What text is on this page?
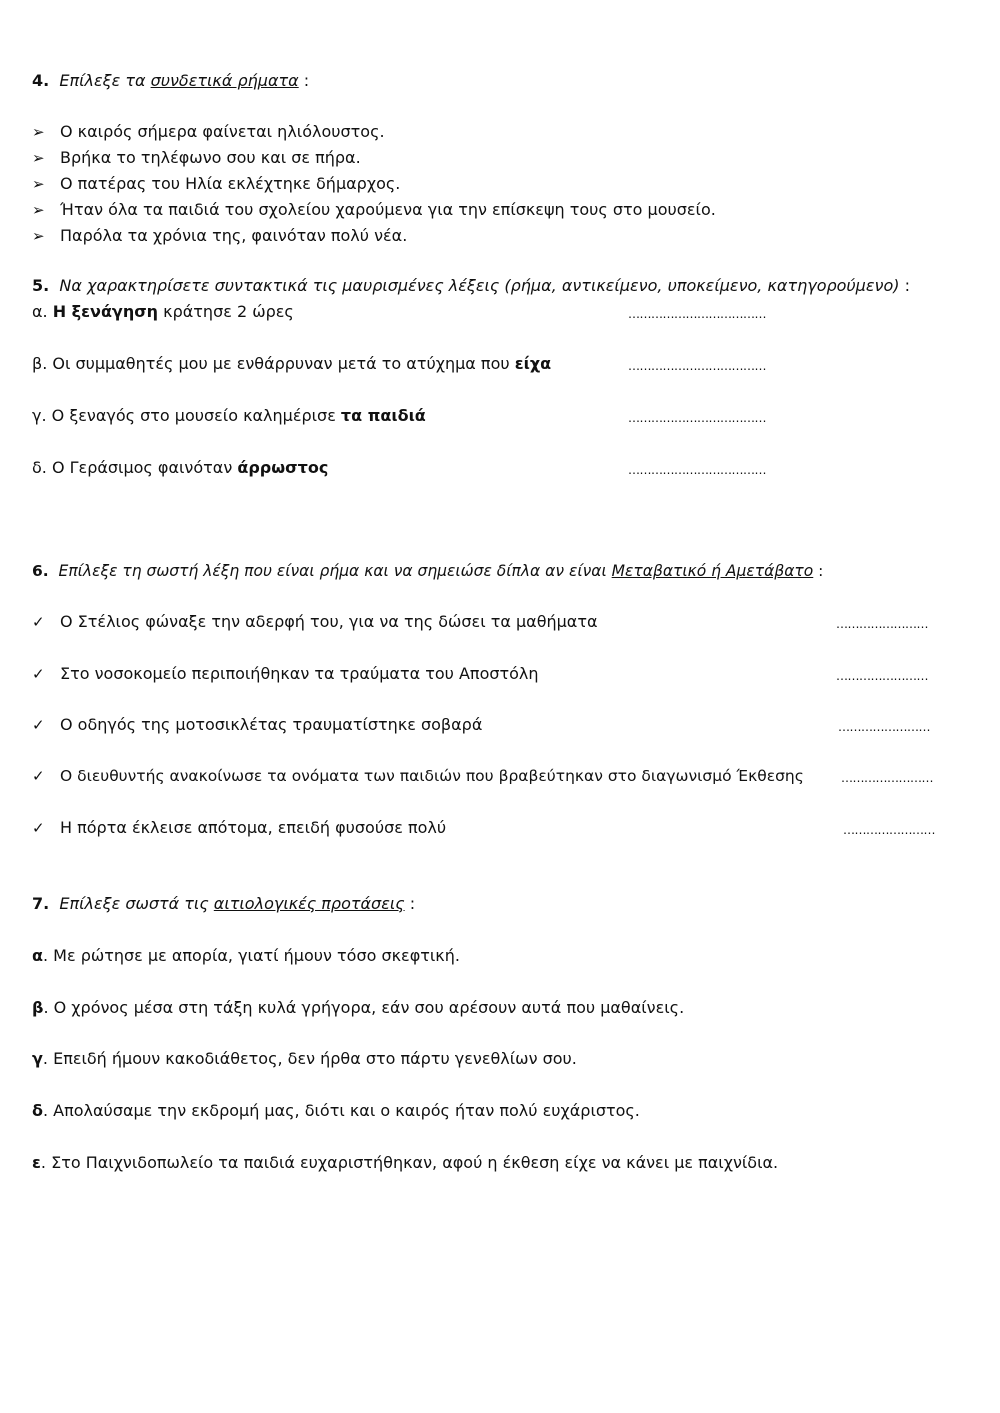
4. Επίλεξε τα συνδετικά ρήματα :
➢ Ο καιρός σήμερα φαίνεται ηλιόλουστος.
➢ Βρήκα το τηλέφωνο σου και σε πήρα.
➢ Ο πατέρας του Ηλία εκλέχτηκε δήμαρχος.
➢ Ήταν όλα τα παιδιά του σχολείου χαρούμενα για την επίσκεψη τους στο μουσείο.
➢ Παρόλα τα χρόνια της, φαινόταν πολύ νέα.
5. Να χαρακτηρίσετε συντακτικά τις μαυρισμένες λέξεις (ρήμα, αντικείμενο, υποκείμενο, κατηγορούμενο) :
α. Η ξενάγηση κράτησε 2 ώρες	………………………………
β. Οι συμμαθητές μου με ενθάρρυναν μετά το ατύχημα που είχα	………………………………
γ. Ο ξεναγός στο μουσείο καλημέρισε τα παιδιά	………………………………
δ. Ο Γεράσιμος φαινόταν άρρωστος	………………………………
6. Επίλεξε τη σωστή λέξη που είναι ρήμα και να σημειώσε δίπλα αν είναι Μεταβατικό ή Αμετάβατο :
✓ Ο Στέλιος φώναξε την αδερφή του, για να της δώσει τα μαθήματα	……………………
✓ Στο νοσοκομείο περιποιήθηκαν τα τραύματα του Αποστόλη	……………………
✓ Ο οδηγός της μοτοσικλέτας τραυματίστηκε σοβαρά	……………………
✓ Ο διευθυντής ανακοίνωσε τα ονόματα των παιδιών που βραβεύτηκαν στο διαγωνισμό Έκθεσης	……………………
✓ Η πόρτα έκλεισε απότομα, επειδή φυσούσε πολύ	……………………
7. Επίλεξε σωστά τις αιτιολογικές προτάσεις :
α. Με ρώτησε με απορία, γιατί ήμουν τόσο σκεφτική.
β. Ο χρόνος μέσα στη τάξη κυλά γρήγορα, εάν σου αρέσουν αυτά που μαθαίνεις.
γ. Επειδή ήμουν κακοδιάθετος, δεν ήρθα στο πάρτυ γενεθλίων σου.
δ. Απολαύσαμε την εκδρομή μας, διότι και ο καιρός ήταν πολύ ευχάριστος.
ε. Στο Παιχνιδοπωλείο τα παιδιά ευχαριστήθηκαν, αφού η έκθεση είχε να κάνει με παιχνίδια.
